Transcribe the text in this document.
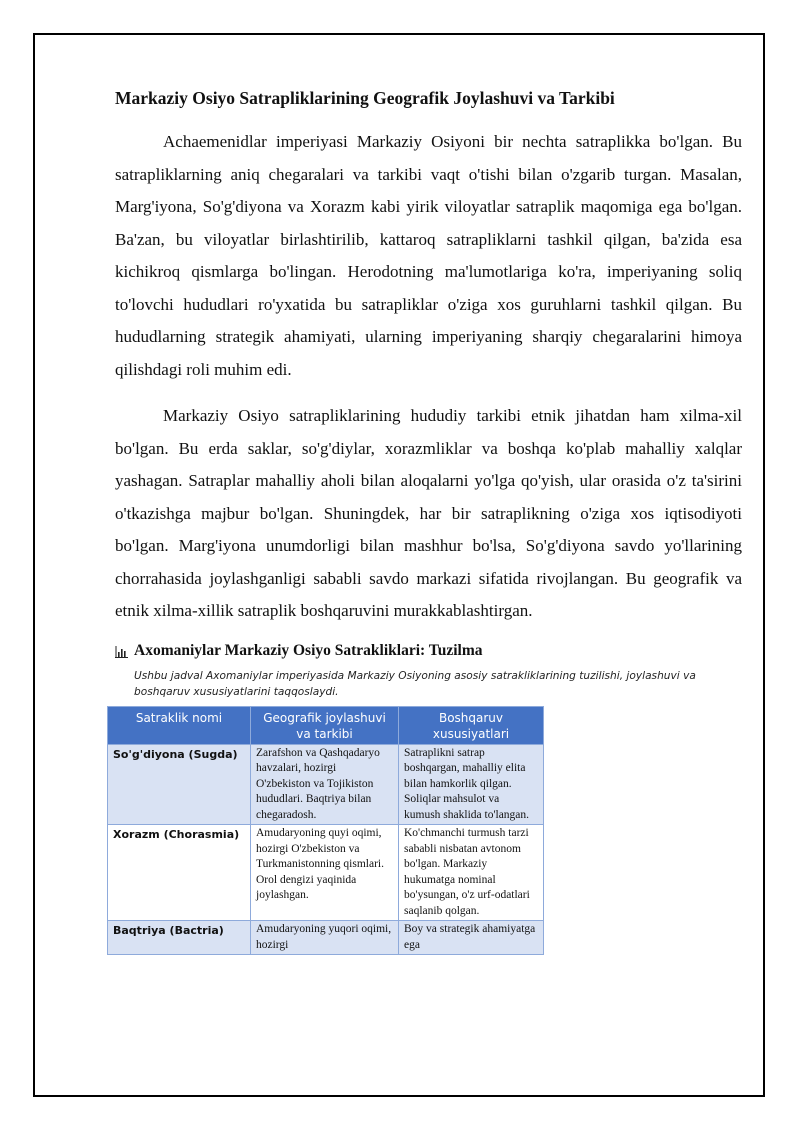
Markaziy Osiyo Satrapliklarining Geografik Joylashuvi va Tarkibi

Achaemenidlar imperiyasi Markaziy Osiyoni bir nechta satraplikka bo'lgan. Bu satrapliklarning aniq chegaralari va tarkibi vaqt o'tishi bilan o'zgarib turgan. Masalan, Marg'iyona, So'g'diyona va Xorazm kabi yirik viloyatlar satraplik maqomiga ega bo'lgan. Ba'zan, bu viloyatlar birlashtirilib, kattaroq satrapliklarni tashkil qilgan, ba'zida esa kichikroq qismlarga bo'lingan. Herodotning ma'lumotlariga ko'ra, imperiyaning soliq to'lovchi hududlari ro'yxatida bu satrapliklar o'ziga xos guruhlarni tashkil qilgan. Bu hududlarning strategik ahamiyati, ularning imperiyaning sharqiy chegaralarini himoya qilishdagi roli muhim edi.

Markaziy Osiyo satrapliklarining hududiy tarkibi etnik jihatdan ham xilma-xil bo'lgan. Bu erda saklar, so'g'diylar, xorazmliklar va boshqa ko'plab mahalliy xalqlar yashagan. Satraplar mahalliy aholi bilan aloqalarni yo'lga qo'yish, ular orasida o'z ta'sirini o'tkazishga majbur bo'lgan. Shuningdek, har bir satraplikning o'ziga xos iqtisodiyoti bo'lgan. Marg'iyona unumdorligi bilan mashhur bo'lsa, So'g'diyona savdo yo'llarining chorrahasida joylashganligi sababli savdo markazi sifatida rivojlangan. Bu geografik va etnik xilma-xillik satraplik boshqaruvini murakkablashtirgan.

Axomaniylar Markaziy Osiyo Satrakliklari: Tuzilma
Ushbu jadval Axomaniylar imperiyasida Markaziy Osiyoning asosiy satrakliklarining tuzilishi, joylashuvi va boshqaruv xususiyatlarini taqqoslaydi.
Satraklik nomi	Geografik joylashuvi va tarkibi	Boshqaruv xususiyatlari
So'g'diyona (Sugda)	Zarafshon va Qashqadaryo havzalari, hozirgi O'zbekiston va Tojikiston hududlari. Baqtriya bilan chegaradosh.	Satraplikni satrap boshqargan, mahalliy elita bilan hamkorlik qilgan. Soliqlar mahsulot va kumush shaklida to'langan.
Xorazm (Chorasmia)	Amudaryoning quyi oqimi, hozirgi O'zbekiston va Turkmanistonning qismlari. Orol dengizi yaqinida joylashgan.	Ko'chmanchi turmush tarzi sababli nisbatan avtonom bo'lgan. Markaziy hukumatga nominal bo'ysungan, o'z urf-odatlari saqlanib qolgan.
Baqtriya (Bactria)	Amudaryoning yuqori oqimi, hozirgi	Boy va strategik ahamiyatga ega
